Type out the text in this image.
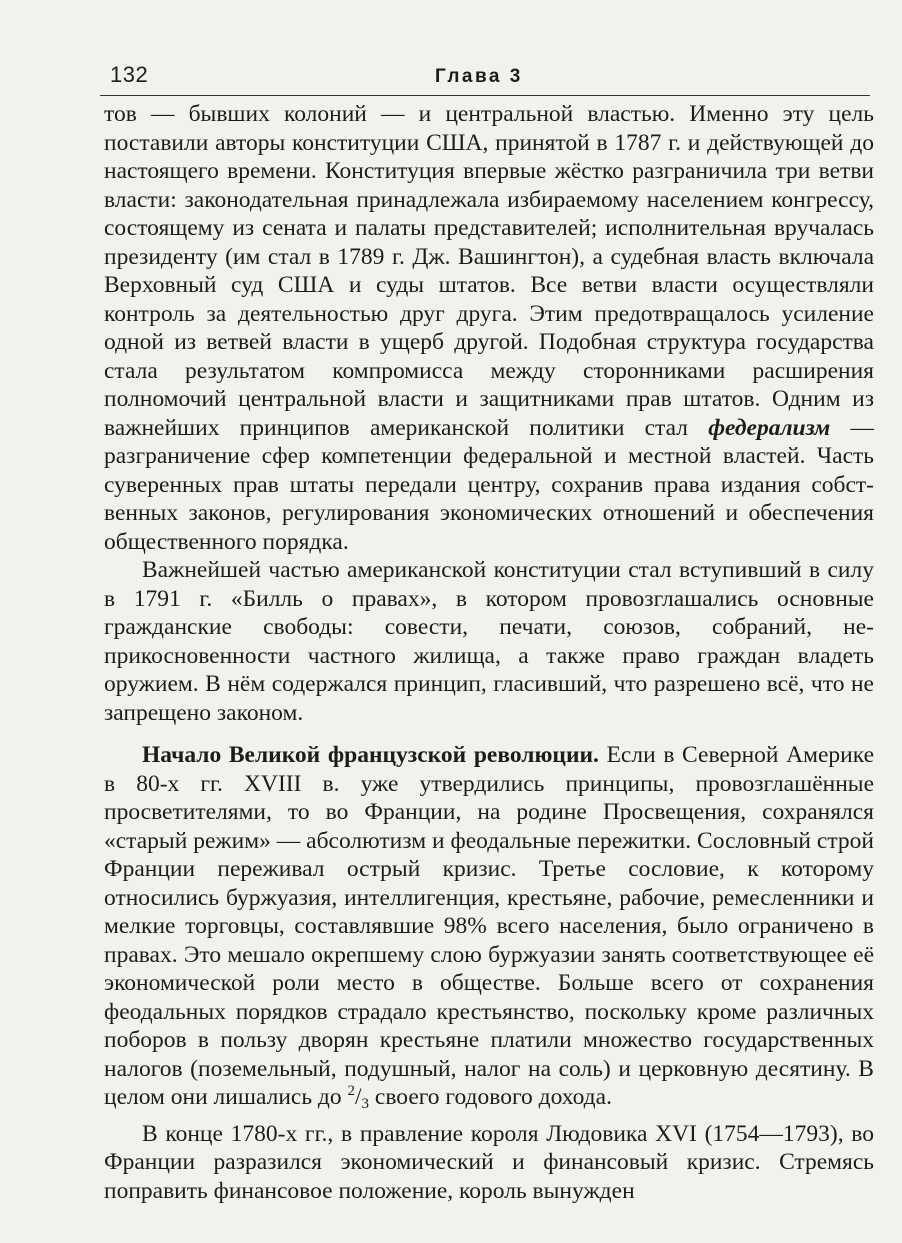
132	Глава 3

тов — бывших колоний — и центральной властью. Именно эту цель поставили авторы конституции США, принятой в 1787 г. и действующей до настоящего времени. Конституция впервые жёстко разграничила три ветви власти: законодательная принадлежала избираемому населением конгрессу, состоящему из сената и палаты представителей; исполнительная вручалась президенту (им стал в 1789 г. Дж. Вашингтон), а судебная власть включала Верховный суд США и суды штатов. Все ветви власти осуществляли контроль за деятельностью друг друга. Этим предотвращалось усиление одной из ветвей власти в ущерб другой. Подобная структура государства стала результатом компромисса между сторонниками расширения полномочий центральной власти и защитниками прав штатов. Одним из важнейших принципов американской политики стал федерализм — разграничение сфер компетенции федеральной и местной властей. Часть суверенных прав штаты передали центру, сохранив права издания собственных законов, регулирования экономических отношений и обеспечения общественного порядка.

Важнейшей частью американской конституции стал вступивший в силу в 1791 г. «Билль о правах», в котором провозглашались основные гражданские свободы: совести, печати, союзов, собраний, неприкосновенности частного жилища, а также право граждан владеть оружием. В нём содержался принцип, гласивший, что разрешено всё, что не запрещено законом.

Начало Великой французской революции. Если в Северной Америке в 80-х гг. XVIII в. уже утвердились принципы, провозглашённые просветителями, то во Франции, на родине Просвещения, сохранялся «старый режим» — абсолютизм и феодальные пережитки. Сословный строй Франции переживал острый кризис. Третье сословие, к которому относились буржуазия, интеллигенция, крестьяне, рабочие, ремесленники и мелкие торговцы, составлявшие 98% всего населения, было ограничено в правах. Это мешало окрепшему слою буржуазии занять соответствующее её экономической роли место в обществе. Больше всего от сохранения феодальных порядков страдало крестьянство, поскольку кроме различных поборов в пользу дворян крестьяне платили множество государственных налогов (поземельный, подушный, налог на соль) и церковную десятину. В целом они лишались до $^2/_3$ своего годового дохода.

В конце 1780-х гг., в правление короля Людовика XVI (1754—1793), во Франции разразился экономический и финансовый кризис. Стремясь поправить финансовое положение, король вынужден
